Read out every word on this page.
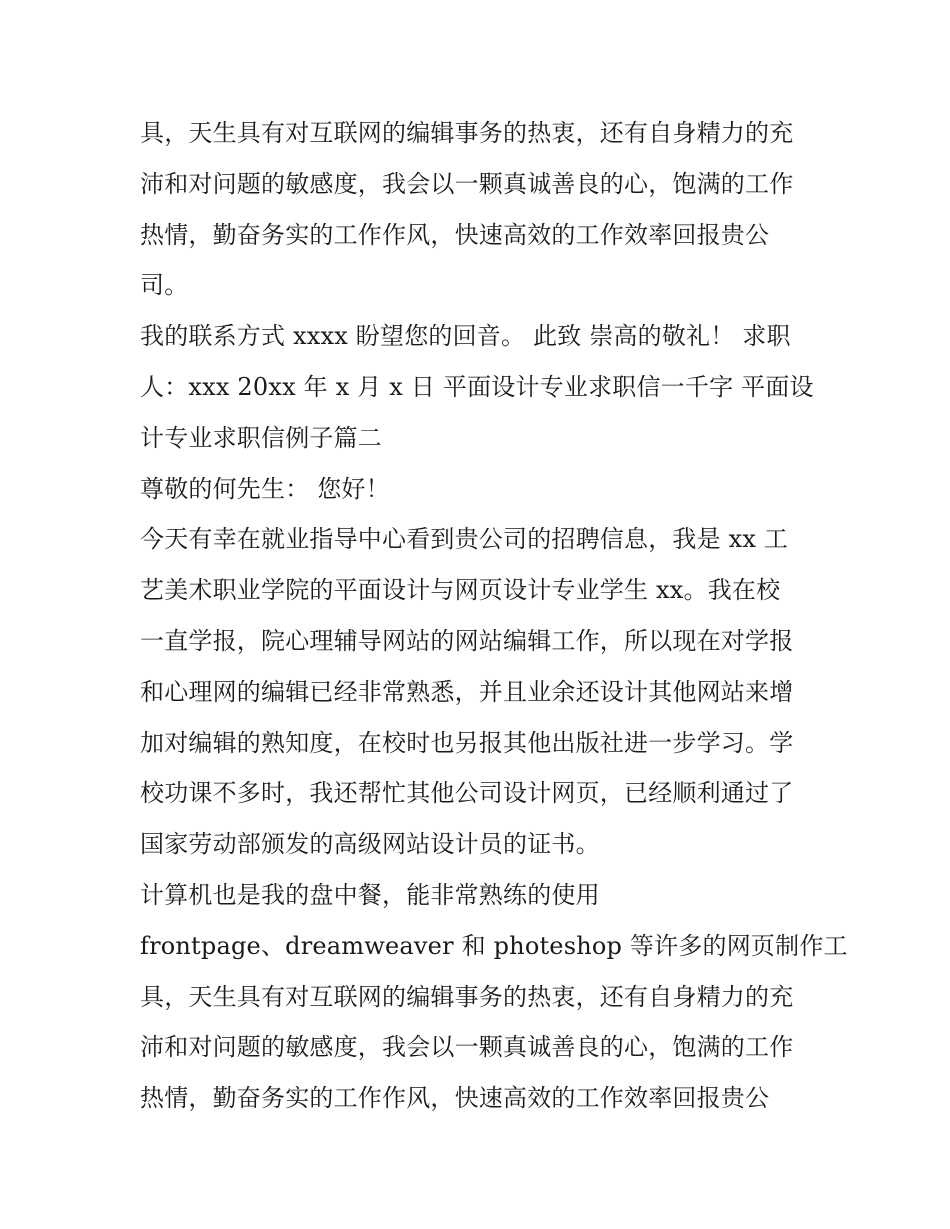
具，天生具有对互联网的编辑事务的热衷，还有自身精力的充
沛和对问题的敏感度，我会以一颗真诚善良的心，饱满的工作
热情，勤奋务实的工作作风，快速高效的工作效率回报贵公
司。
我的联系方式 xxxx 盼望您的回音。 此致 崇高的敬礼！ 求职
人：xxx 20xx 年 x 月 x 日 平面设计专业求职信一千字 平面设
计专业求职信例子篇二
尊敬的何先生： 您好！
今天有幸在就业指导中心看到贵公司的招聘信息，我是 xx 工
艺美术职业学院的平面设计与网页设计专业学生 xx。我在校
一直学报，院心理辅导网站的网站编辑工作，所以现在对学报
和心理网的编辑已经非常熟悉，并且业余还设计其他网站来增
加对编辑的熟知度，在校时也另报其他出版社进一步学习。学
校功课不多时，我还帮忙其他公司设计网页，已经顺利通过了
国家劳动部颁发的高级网站设计员的证书。
计算机也是我的盘中餐，能非常熟练的使用
frontpage、dreamweaver 和 photeshop 等许多的网页制作工
具，天生具有对互联网的编辑事务的热衷，还有自身精力的充
沛和对问题的敏感度，我会以一颗真诚善良的心，饱满的工作
热情，勤奋务实的工作作风，快速高效的工作效率回报贵公
